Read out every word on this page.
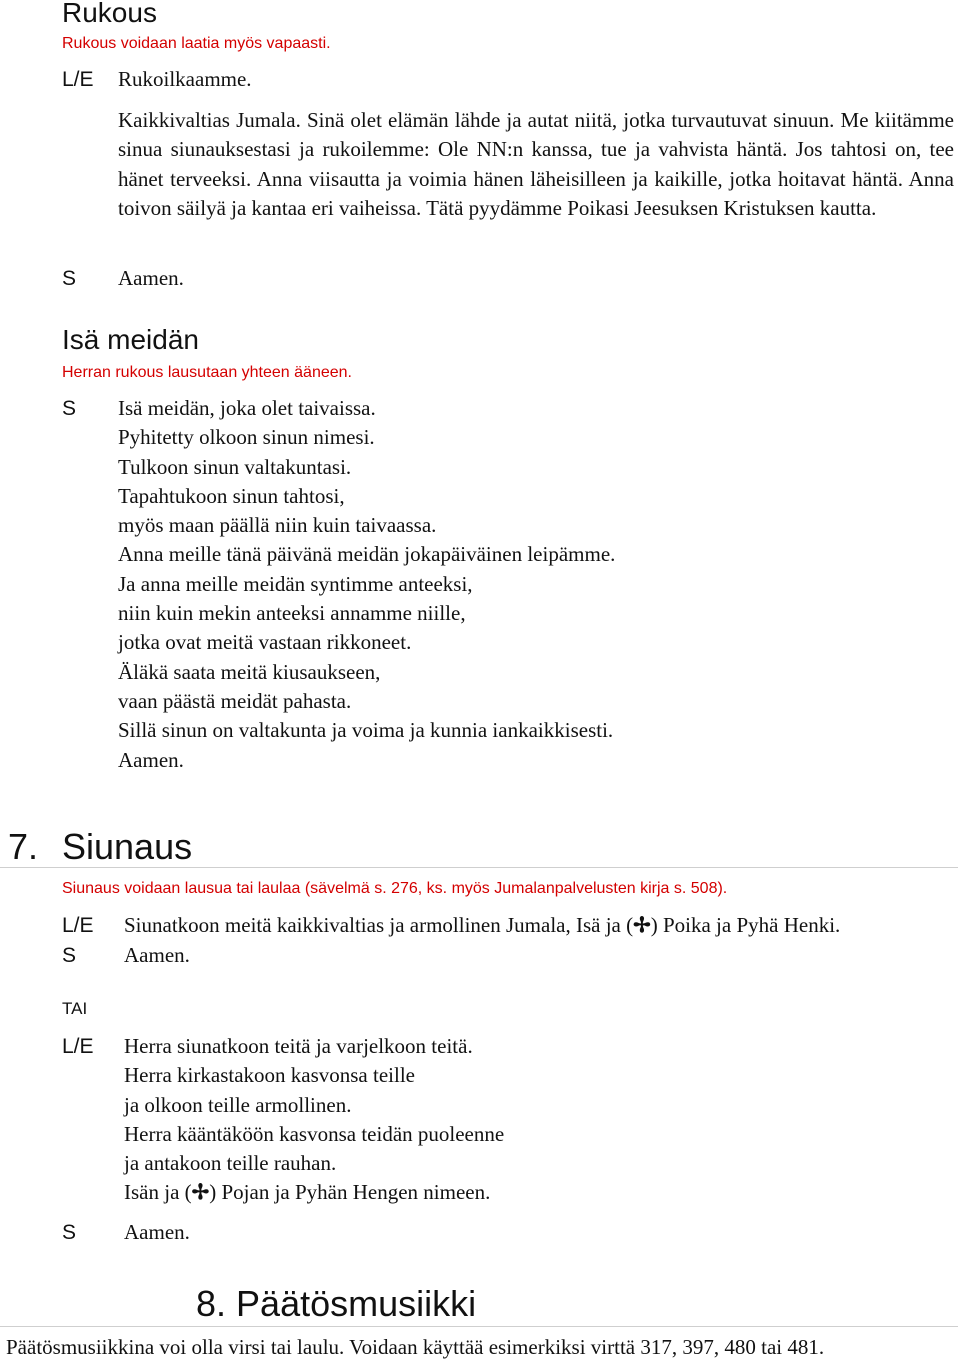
Rukous
Rukous voidaan laatia myös vapaasti.
L/E Rukoilkaamme.
Kaikkivaltias Jumala. Sinä olet elämän lähde ja autat niitä, jotka turvautuvat sinuun. Me kiitämme sinua siunauksestasi ja rukoilemme: Ole NN:n kanssa, tue ja vahvista häntä. Jos tahtosi on, tee hänet terveeksi. Anna viisautta ja voimia hänen läheisilleen ja kaikille, jotka hoitavat häntä. Anna toivon säilyä ja kantaa eri vaiheissa. Tätä pyydämme Poikasi Jeesuksen Kristuksen kautta.
S Aamen.
Isä meidän
Herran rukous lausutaan yhteen ääneen.
S Isä meidän, joka olet taivaissa.
Pyhitetty olkoon sinun nimesi.
Tulkoon sinun valtakuntasi.
Tapahtukoon sinun tahtosi,
myös maan päällä niin kuin taivaassa.
Anna meille tänä päivänä meidän jokapäiväinen leipämme.
Ja anna meille meidän syntimme anteeksi,
niin kuin mekin anteeksi annamme niille,
jotka ovat meitä vastaan rikkoneet.
Äläkä saata meitä kiusaukseen,
vaan päästä meidät pahasta.
Sillä sinun on valtakunta ja voima ja kunnia iankaikkisesti.
Aamen.
7. Siunaus
Siunaus voidaan lausua tai laulaa (sävelmä s. 276, ks. myös Jumalanpalvelusten kirja s. 508).
L/E Siunatkoon meitä kaikkivaltias ja armollinen Jumala, Isä ja (✢) Poika ja Pyhä Henki.
S Aamen.
TAI
L/E Herra siunatkoon teitä ja varjelkoon teitä.
Herra kirkastakoon kasvonsa teille
ja olkoon teille armollinen.
Herra kääntäköön kasvonsa teidän puoleenne
ja antakoon teille rauhan.
Isän ja (✢) Pojan ja Pyhän Hengen nimeen.
S Aamen.
8. Päätösmusiikki
Päätösmusiikkina voi olla virsi tai laulu. Voidaan käyttää esimerkiksi virttä 317, 397, 480 tai 481.
